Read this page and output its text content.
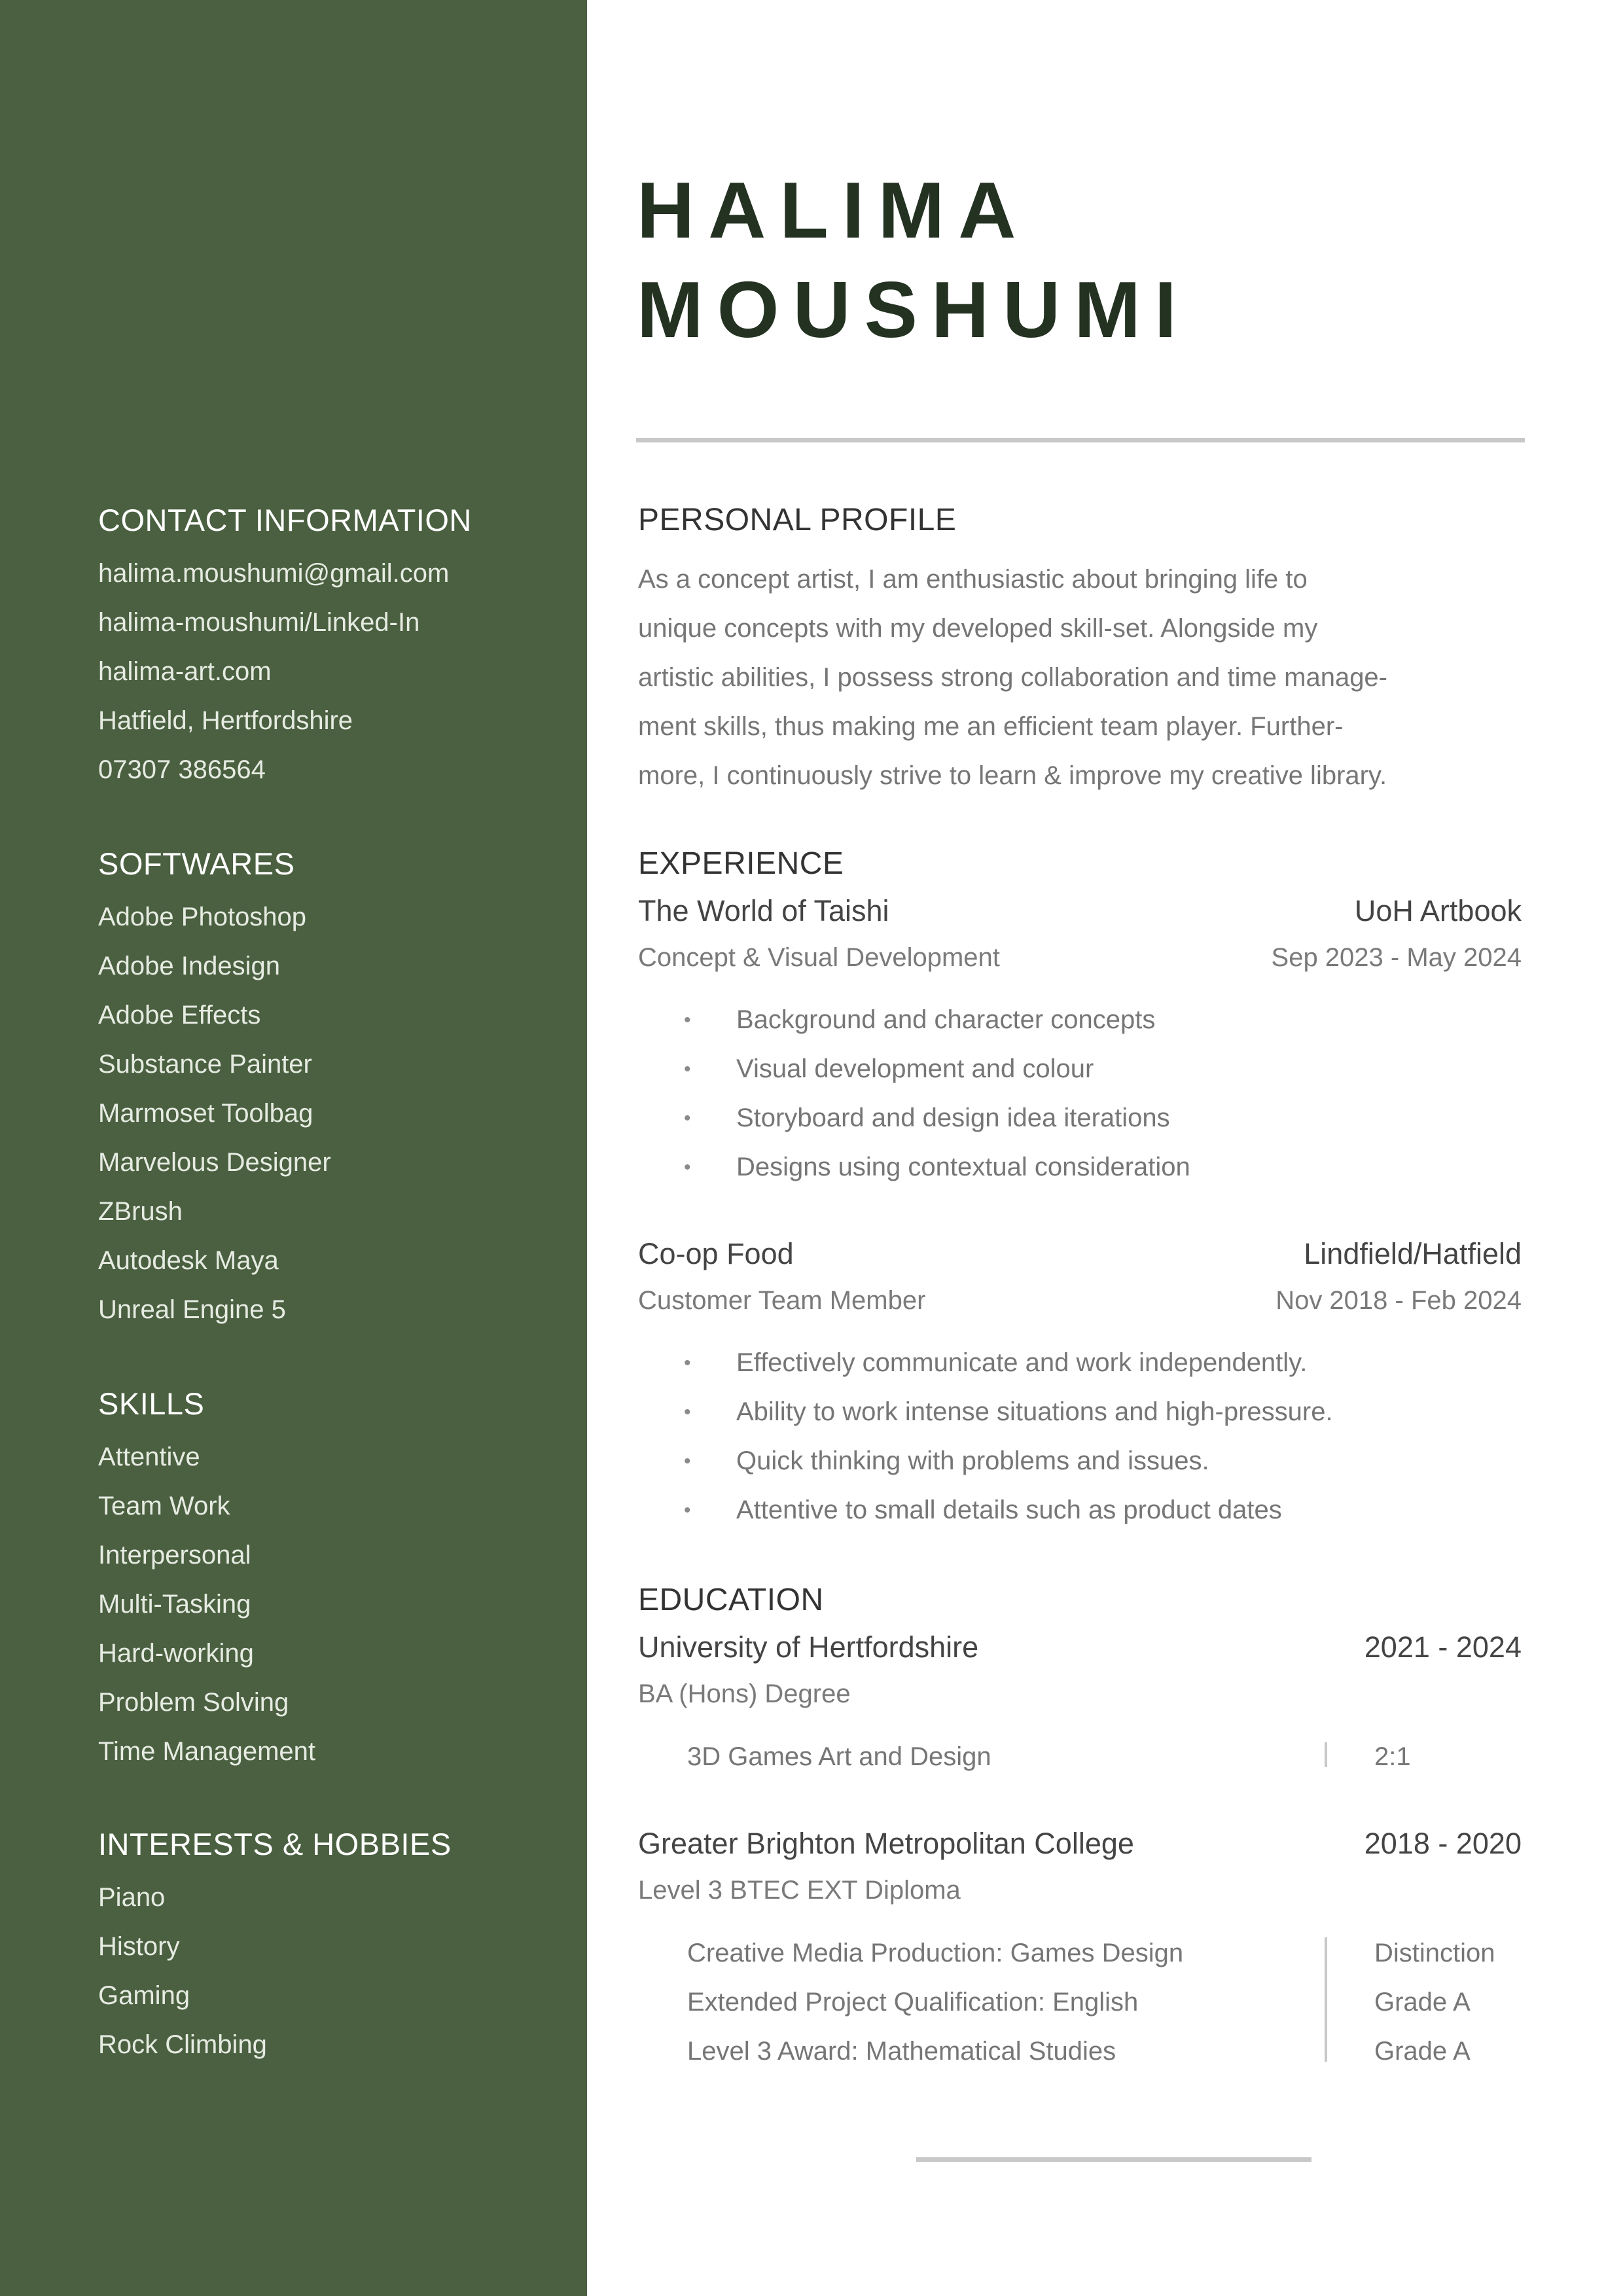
CONTACT INFORMATION
halima.moushumi@gmail.com
halima-moushumi/Linked-In
halima-art.com
Hatfield, Hertfordshire
07307 386564
SOFTWARES
Adobe Photoshop
Adobe Indesign
Adobe Effects
Substance Painter
Marmoset Toolbag
Marvelous Designer
ZBrush
Autodesk Maya
Unreal Engine 5
SKILLS
Attentive
Team Work
Interpersonal
Multi-Tasking
Hard-working
Problem Solving
Time Management
INTERESTS & HOBBIES
Piano
History
Gaming
Rock Climbing
HALIMA
MOUSHUMI
PERSONAL PROFILE
As a concept artist, I am enthusiastic about bringing life to
unique concepts with my developed skill-set. Alongside my
artistic abilities, I possess strong collaboration and time manage-
ment skills, thus making me an efficient team player. Further-
more, I continuously strive to learn & improve my creative library.
EXPERIENCE
The World of Taishi	UoH Artbook
Concept & Visual Development	Sep 2023 - May 2024
•	Background and character concepts
•	Visual development and colour
•	Storyboard and design idea iterations
•	Designs using contextual consideration
Co-op Food	Lindfield/Hatfield
Customer Team Member	Nov 2018 - Feb 2024
•	Effectively communicate and work independently.
•	Ability to work intense situations and high-pressure.
•	Quick thinking with problems and issues.
•	Attentive to small details such as product dates
EDUCATION
University of Hertfordshire	2021 - 2024
BA (Hons) Degree
3D Games Art and Design	2:1
Greater Brighton Metropolitan College	2018 - 2020
Level 3 BTEC EXT Diploma
Creative Media Production: Games Design	Distinction
Extended Project Qualification: English	Grade A
Level 3 Award: Mathematical Studies	Grade A
